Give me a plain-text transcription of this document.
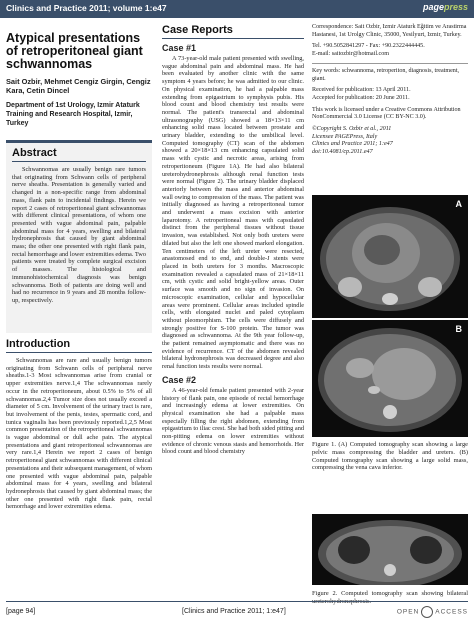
Clinics and Practice 2011; volume 1:e47	pagepress
Atypical presentations of retroperitoneal giant schwannomas
Sait Ozbir, Mehmet Cengiz Girgin, Cengiz Kara, Cetin Dincel
Department of 1st Urology, Izmir Ataturk Training and Research Hospital, Izmir, Turkey
Abstract

Schwannomas are usually benign rare tumors that originating from Schwann cells of peripheral nerve sheaths. Presentation is generally varied and changed in a non-specific range from abdominal mass, flank pain to incidental findings. Herein we report 2 cases of retroperitoneal giant schwannomas with different clinical presentations, of whom one presented with vague abdominal pain, palpable abdominal mass for 4 years, swelling and bilateral hydronephrosis that caused by giant abdominal mass; the other one presented with right flank pain, rectal hemorrhage and lower extremities edema. Two patients were treated by complete surgical excision of masses. The histological and immunohistochemical diagnosis was benign schwannoma. Both of patients are doing well and had no recurrence in 9 years and 28 months follow-up, respectively.

Introduction

Schwannomas are rare and usually benign tumors originating from Schwann cells of peripheral nerve sheaths.1-3 Most schwannomas arise from cranial or upper extremities nerve.1,4 The schwannomas rarely occur in the retroperitoneum, about 0.5% to 5% of all schwannomas.2,4 Tumor size does not usually exceed a diameter of 5 cm. Involvement of the urinary tract is rare, but involvement of the penis, testes, spermatic cord, and tunica vaginalis has been previously reported.1,2,5 Most common presentation of the retroperitoneal schwannomas is vague abdominal or dull ache pain. The atypical presentations and giant retroperitoneal schwannomas are very rare.1,4 Herein we report 2 cases of benign retroperitoneal giant schwannomas with different clinical presentations and their subsequent management, of whom one presented with vague abdominal pain, palpable abdominal mass for 4 years, swelling and bilateral hydronephrosis that caused by giant abdominal mass; the other one presented with right flank pain, rectal hemorrhage and lower extremities edema.

Case Reports
Case #1

A 73-year-old male patient presented with swelling, vague abdominal pain and abdominal mass. He had been evaluated by another clinic with the same symptom 4 years before; he was admitted to our clinic. On physical examination, he had a palpable mass extending from epigastrium to symphysis pubis. His blood count and blood chemistry test results were normal. The patient's transrectal and abdominal ultrasonography (USG) showed a 18×13×11 cm enhancing solid mass located between prostate and urinary bladder, extending to the umbilical level. Computed tomography (CT) scan of the abdomen showed a 20×18×13 cm enhancing capsulated solid mass with cystic and necrotic areas, arising from retroperitoneum (Figure 1A). He had also bilateral ureterohydronephrosis although renal function tests were normal (Figure 2). The urinary bladder displaced anteriorly between the mass and anterior abdominal wall owing to compression of the mass. The patient was initially diagnosed as having a retroperitoneal tumor and underwent a mass excision with anterior laparotomy. A retroperitoneal mass with capsulated distinct from the peripheral tissues without tissue invasion, was established. Not only both ureters were dilated but also the left one showed marked elongation. Ten centimeters of the left ureter were resected, anastomosed end to end, and double-J stents were placed in both ureters for 3 months. Macroscopic examination revealed a capsulated mass of 21×18×11 cm, with cystic and solid bright-yellow areas. Outer surface was smooth and no sign of invasion. On microscopic examination, cellular and hypocellular areas were prominent. Cellular areas included spindle cells, with elongated nuclei and paled cytoplasm without pleomorphism. The cells were diffusely and strongly positive for S-100 protein. The tumor was diagnosed as schwannoma. At the 9th year follow-up, the patient remained asymptomatic and there was no evidence of recurrence. CT of the abdomen revealed bilateral hydronephrosis was decreased degree and also renal function tests results were normal.

Case #2

A 46-year-old female patient presented with 2-year history of flank pain, one episode of rectal hemorrhage and increasingly edema at lower extremities. On physical examination she had a palpable mass especially filling the right abdomen, extending from epigastrium to iliac crest. She had both sided pitting and non-pitting edema on lower extremities without evidence of chronic venous stasis and hemorrhoids. Her blood count and blood chemistry

Correspondence: Sait Ozbir, Izmir Ataturk Eğitim ve Arastirma Hastanesi, 1st Urolgy Clinic, 35000, Yesilyurt, Izmir, Turkey.

Tel. +90.5052841297 - Fax: +90.2322444445.

E-mail: saitozbir@hotmail.com

Key words: schwannoma, retroperiton, diagnosis, treatment, giant.

Received for publication: 13 April 2011.

Accepted for publication: 20 June 2011.

This work is licensed under a Creative Commons Attribution NonCommercial 3.0 License (CC BY-NC 3.0).

©Copyright S. Ozbir et al., 2011

Licensee PAGEPress, Italy

Clinics and Practice 2011; 1:e47

doi:10.4081/cp.2011.e47

A
B
Figure 1. (A) Computed tomography scan showing a large pelvic mass compressing the bladder and ureters. (B) Computed tomography scan showing a large solid mass, compressing the vena cava inferior.
Figure 2. Computed tomography scan showing bilateral ureterohydronephrosis.
[page 94]	[Clinics and Practice 2011; 1:e47]	OPEN ACCESS
